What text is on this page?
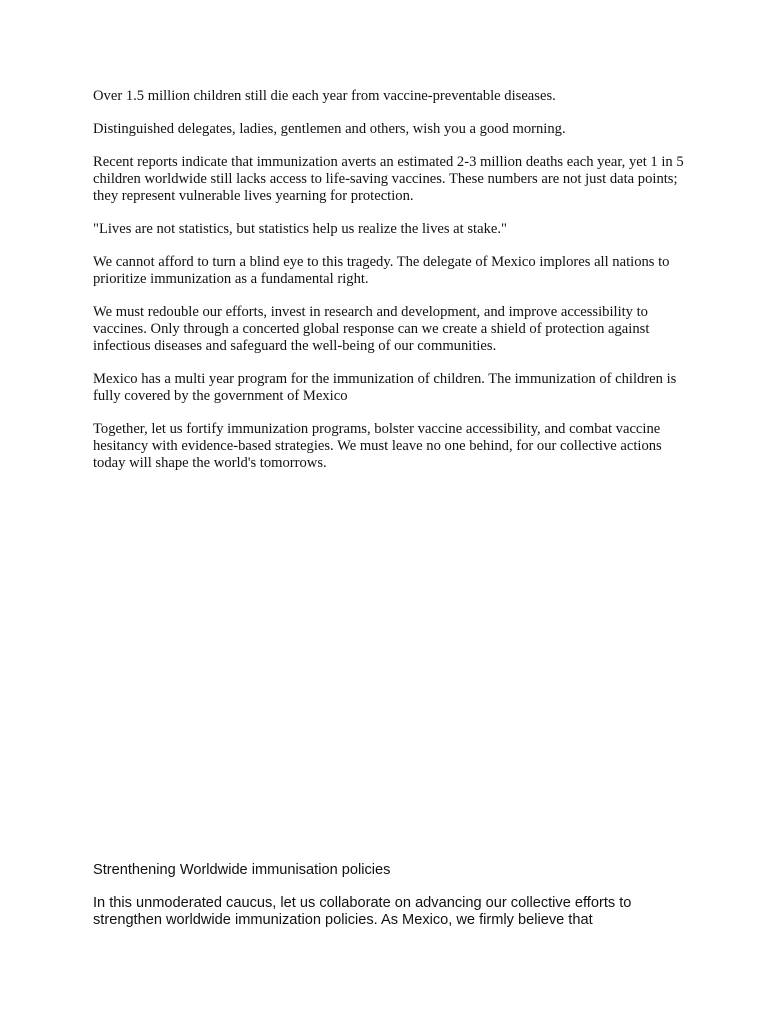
Over 1.5 million children still die each year from vaccine-preventable diseases.

Distinguished delegates, ladies, gentlemen and others, wish you a good morning.

Recent reports indicate that immunization averts an estimated 2-3 million deaths each year, yet 1 in 5 children worldwide still lacks access to life-saving vaccines. These numbers are not just data points; they represent vulnerable lives yearning for protection.

"Lives are not statistics, but statistics help us realize the lives at stake."

We cannot afford to turn a blind eye to this tragedy. The delegate of Mexico implores all nations to prioritize immunization as a fundamental right.

We must redouble our efforts, invest in research and development, and improve accessibility to vaccines. Only through a concerted global response can we create a shield of protection against infectious diseases and safeguard the well-being of our communities.

Mexico has a multi year program for the immunization of children. The immunization of children is fully covered by the government of Mexico

Together, let us fortify immunization programs, bolster vaccine accessibility, and combat vaccine hesitancy with evidence-based strategies. We must leave no one behind, for our collective actions today will shape the world's tomorrows.

Strenthening Worldwide immunisation policies

In this unmoderated caucus, let us collaborate on advancing our collective efforts to strengthen worldwide immunization policies. As Mexico, we firmly believe that
